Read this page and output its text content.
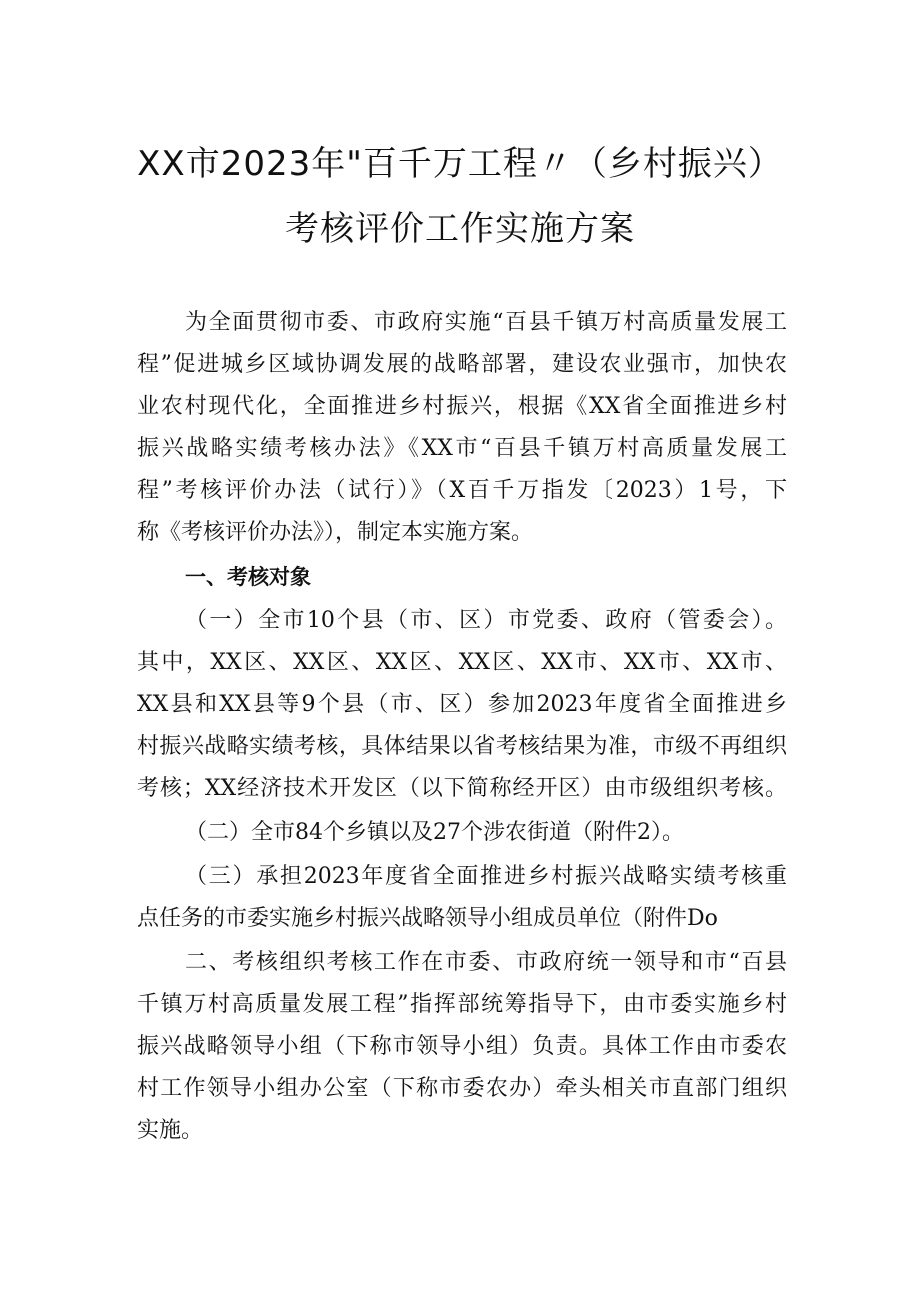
XX市2023年"百千万工程〃（乡村振兴）
考核评价工作实施方案
为全面贯彻市委、市政府实施“百县千镇万村高质量发展工
程”促进城乡区域协调发展的战略部署，建设农业强市，加快农
业农村现代化，全面推进乡村振兴，根据《XX省全面推进乡村
振兴战略实绩考核办法》《XX市“百县千镇万村高质量发展工
程”考核评价办法（试行）》（X百千万指发〔2023）1号，下
称《考核评价办法》），制定本实施方案。
一、考核对象
（一）全市10个县（市、区）市党委、政府（管委会）。
其中，XX区、XX区、XX区、XX区、XX市、XX市、XX市、
XX县和XX县等9个县（市、区）参加2023年度省全面推进乡
村振兴战略实绩考核，具体结果以省考核结果为准，市级不再组织
考核；XX经济技术开发区（以下简称经开区）由市级组织考核。
（二）全市84个乡镇以及27个涉农街道（附件2）。
（三）承担2023年度省全面推进乡村振兴战略实绩考核重
点任务的市委实施乡村振兴战略领导小组成员单位（附件Do
二、考核组织考核工作在市委、市政府统一领导和市“百县
千镇万村高质量发展工程”指挥部统筹指导下，由市委实施乡村
振兴战略领导小组（下称市领导小组）负责。具体工作由市委农
村工作领导小组办公室（下称市委农办）牵头相关市直部门组织
实施。
